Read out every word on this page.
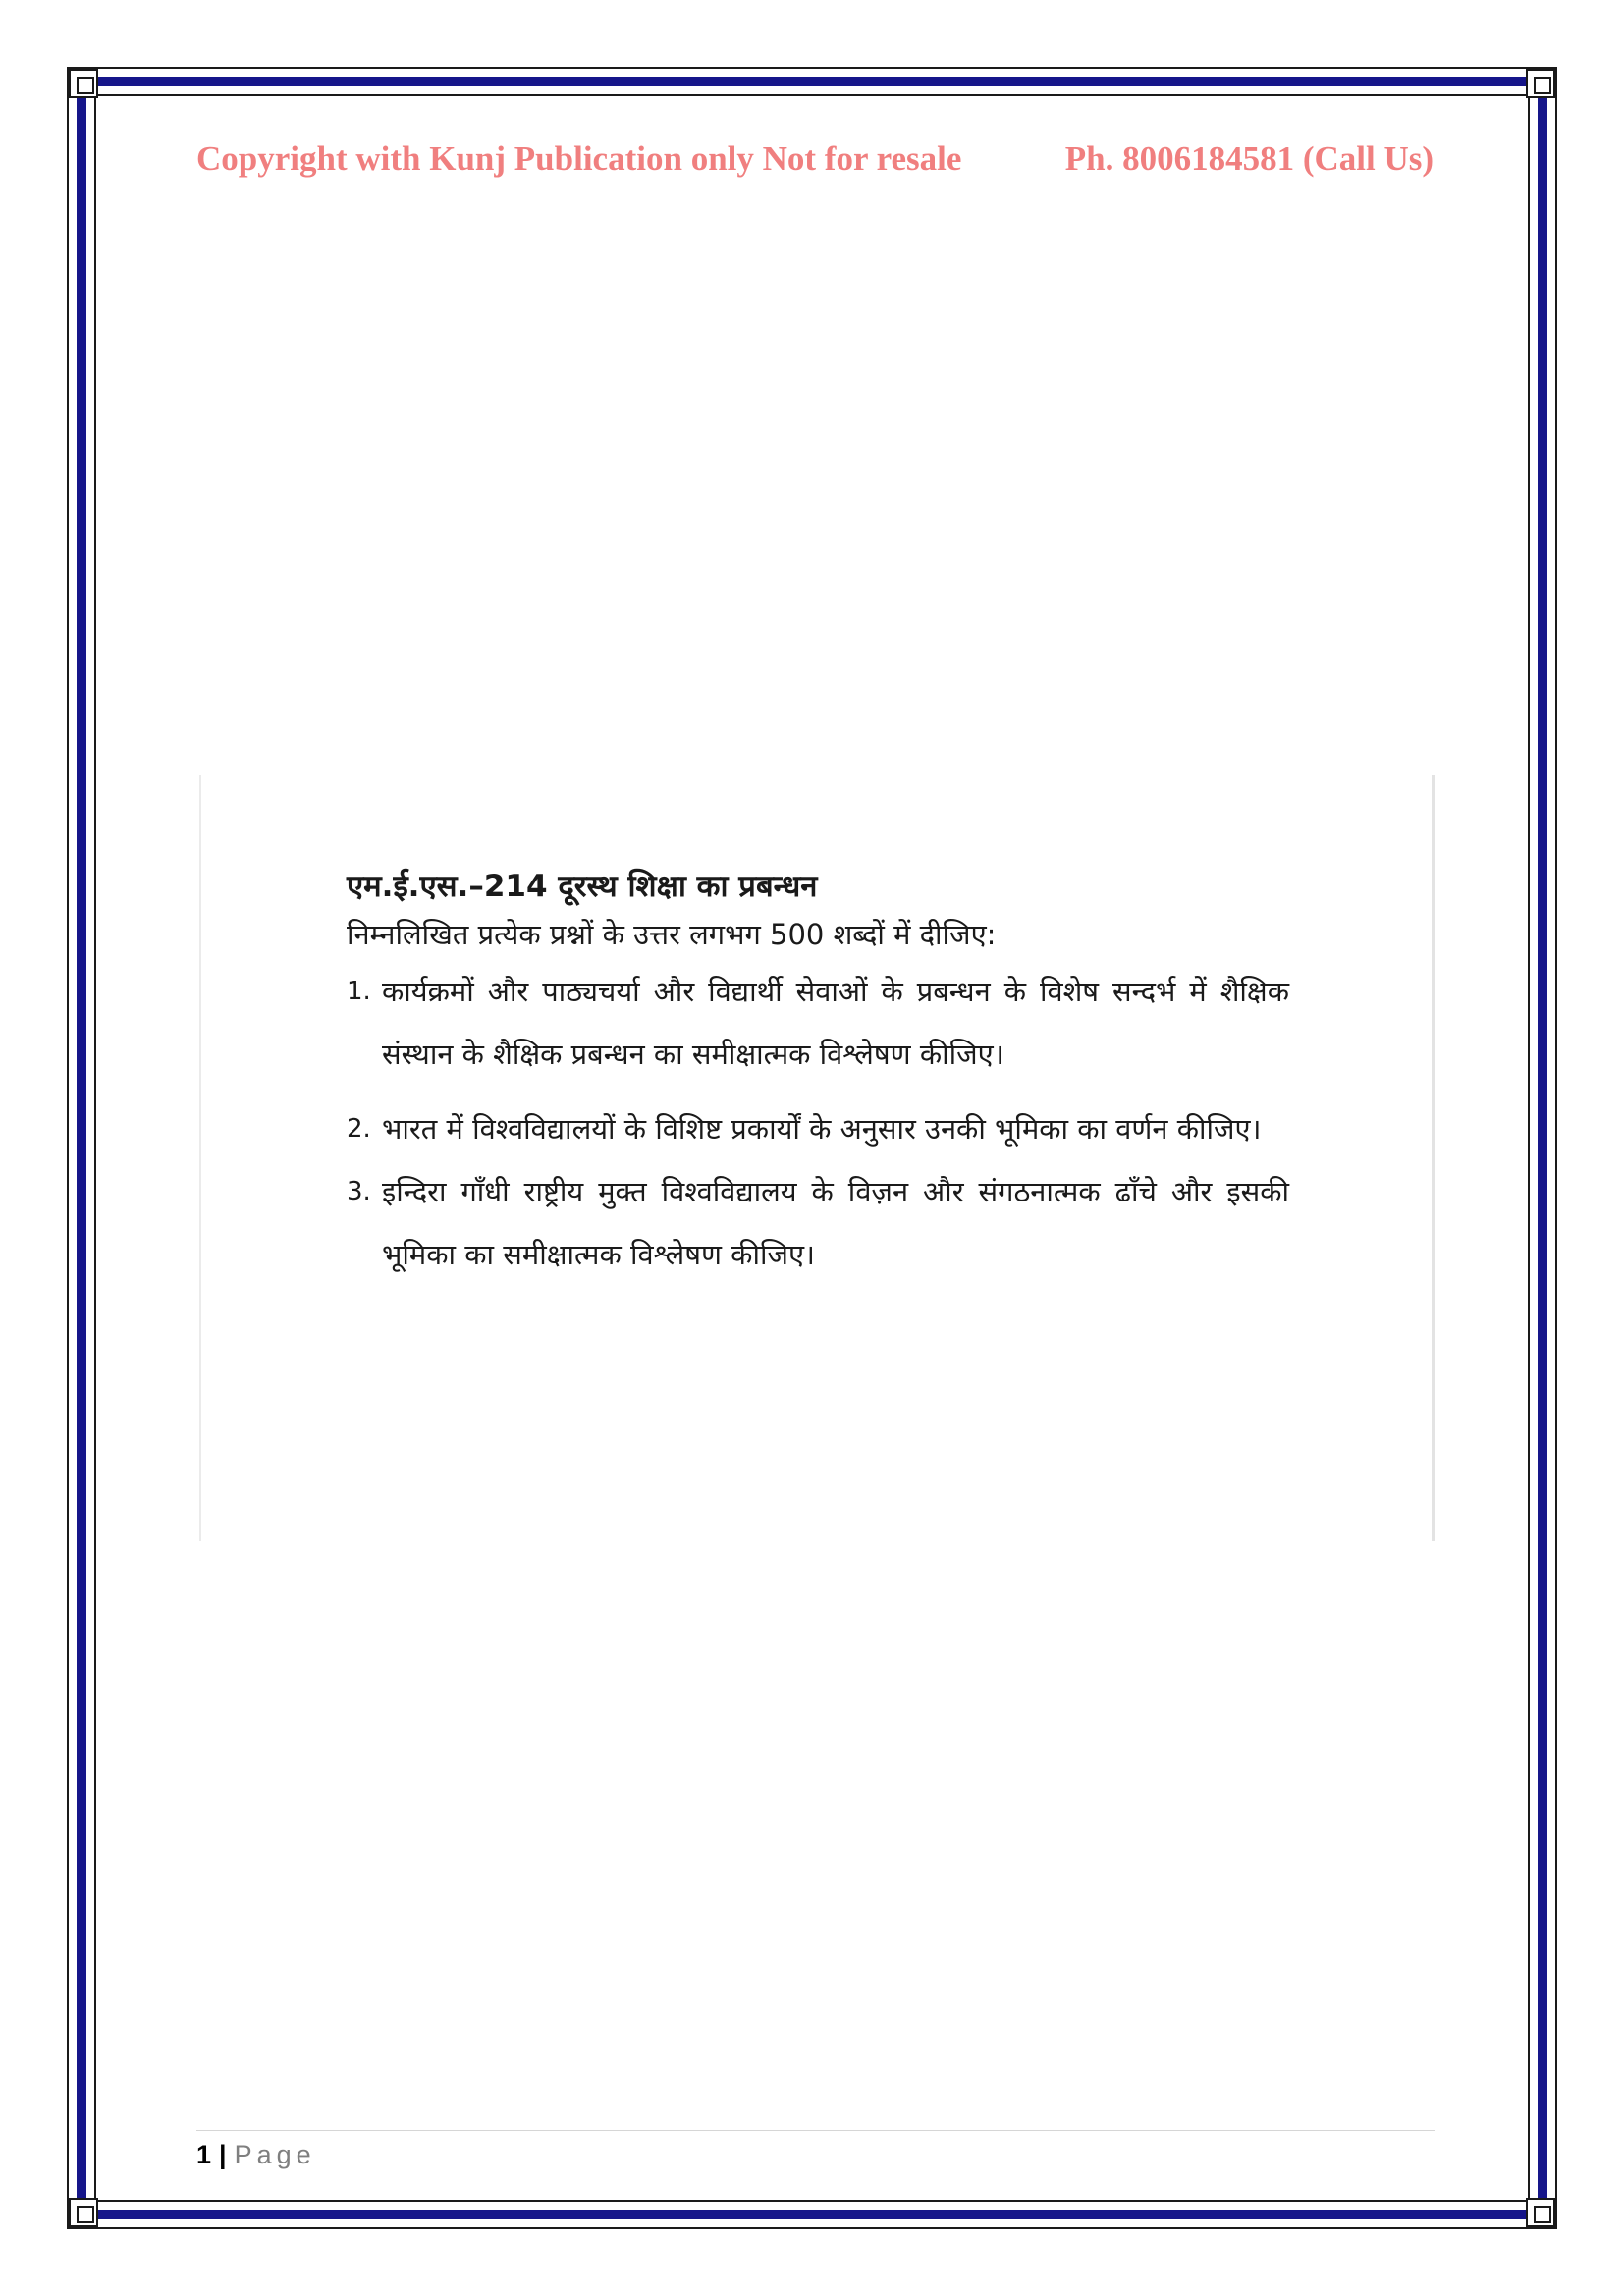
Copyright with Kunj Publication only Not for resale	Ph. 8006184581 (Call Us)
एम.ई.एस.–214 दूरस्थ शिक्षा का प्रबन्धन
निम्नलिखित प्रत्येक प्रश्नों के उत्तर लगभग 500 शब्दों में दीजिए:
1. कार्यक्रमों और पाठ्यचर्या और विद्यार्थी सेवाओं के प्रबन्धन के विशेष सन्दर्भ में शैक्षिक संस्थान के शैक्षिक प्रबन्धन का समीक्षात्मक विश्लेषण कीजिए।
2. भारत में विश्वविद्यालयों के विशिष्ट प्रकार्यों के अनुसार उनकी भूमिका का वर्णन कीजिए।
3. इन्दिरा गाँधी राष्ट्रीय मुक्त विश्वविद्यालय के विज़न और संगठनात्मक ढाँचे और इसकी भूमिका का समीक्षात्मक विश्लेषण कीजिए।
1 | Page
